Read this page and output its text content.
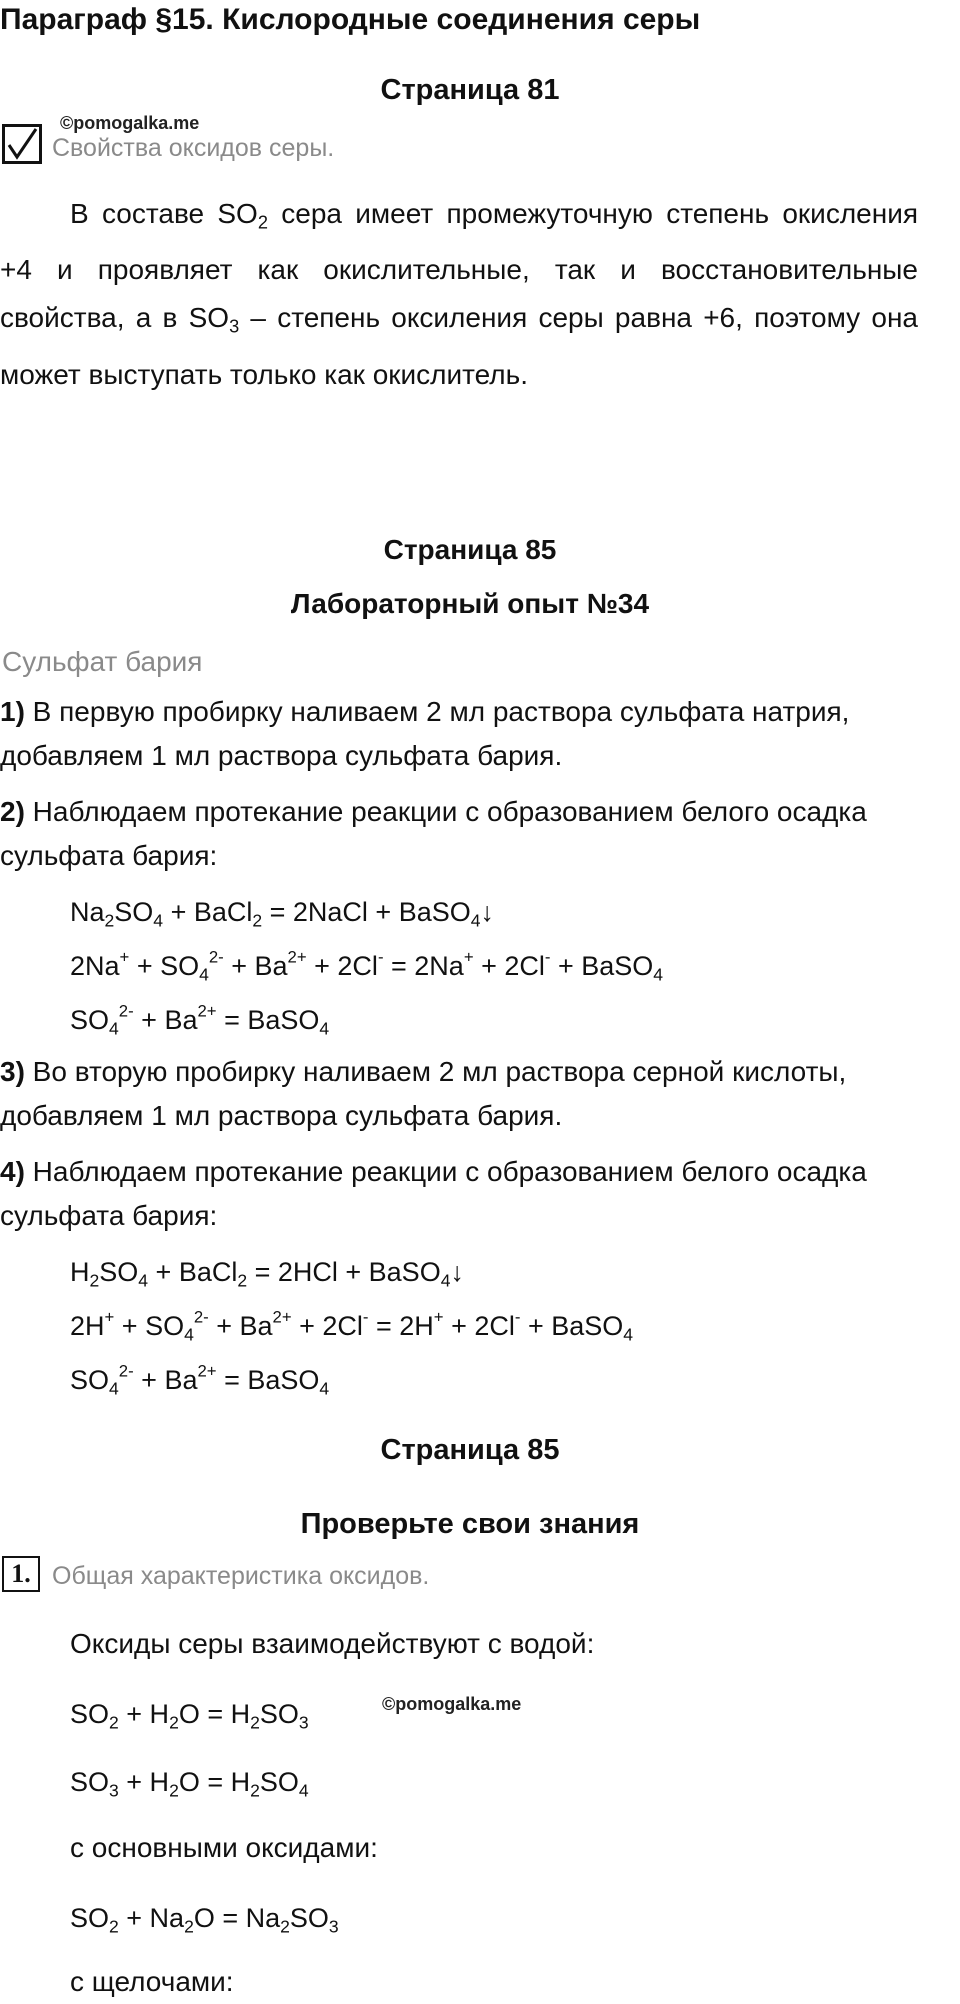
Параграф §15. Кислородные соединения серы
Страница 81
©pomogalka.me
Свойства оксидов серы.

В составе $SO_2$ сера имеет промежуточную степень окисления +4 и проявляет как окислительные, так и восстановительные свойства, а в $SO_3$ – степень оксиления серы равна +6, поэтому она может выступать только как окислитель.

Страница 85
Лабораторный опыт №34
Сульфат бария

1) В первую пробирку наливаем 2 мл раствора сульфата натрия, добавляем 1 мл раствора сульфата бария.

2) Наблюдаем протекание реакции с образованием белого осадка сульфата бария:

$Na_2SO_4$ + BaCl$_2$ = 2NaCl + BaSO$_4$↓
$2Na^+ + SO_4^{2-} + Ba^{2+} + 2Cl^- = 2Na^+ + 2Cl^-$ + BaSO$_4$
$SO_4^{2-} + Ba^{2+}$ = BaSO$_4$

3) Во вторую пробирку наливаем 2 мл раствора серной кислоты, добавляем 1 мл раствора сульфата бария.

4) Наблюдаем протекание реакции с образованием белого осадка сульфата бария:

$H_2SO_4$ + BaCl$_2$ = 2HCl + BaSO$_4$↓
$2H^+ + SO_4^{2-} + Ba^{2+} + 2Cl^- = 2H^+ + 2Cl^-$ + BaSO$_4$
$SO_4^{2-} + Ba^{2+}$ = BaSO$_4$
Страница 85
Проверьте свои знания
1. Общая характеристика оксидов.
Оксиды серы взаимодействуют с водой:
$SO_2 + H_2O = H_2SO_3$
©pomogalka.me
$SO_3 + H_2O = H_2SO_4$
с основными оксидами:
$SO_2 + Na_2O = Na_2SO_3$
с щелочами:
